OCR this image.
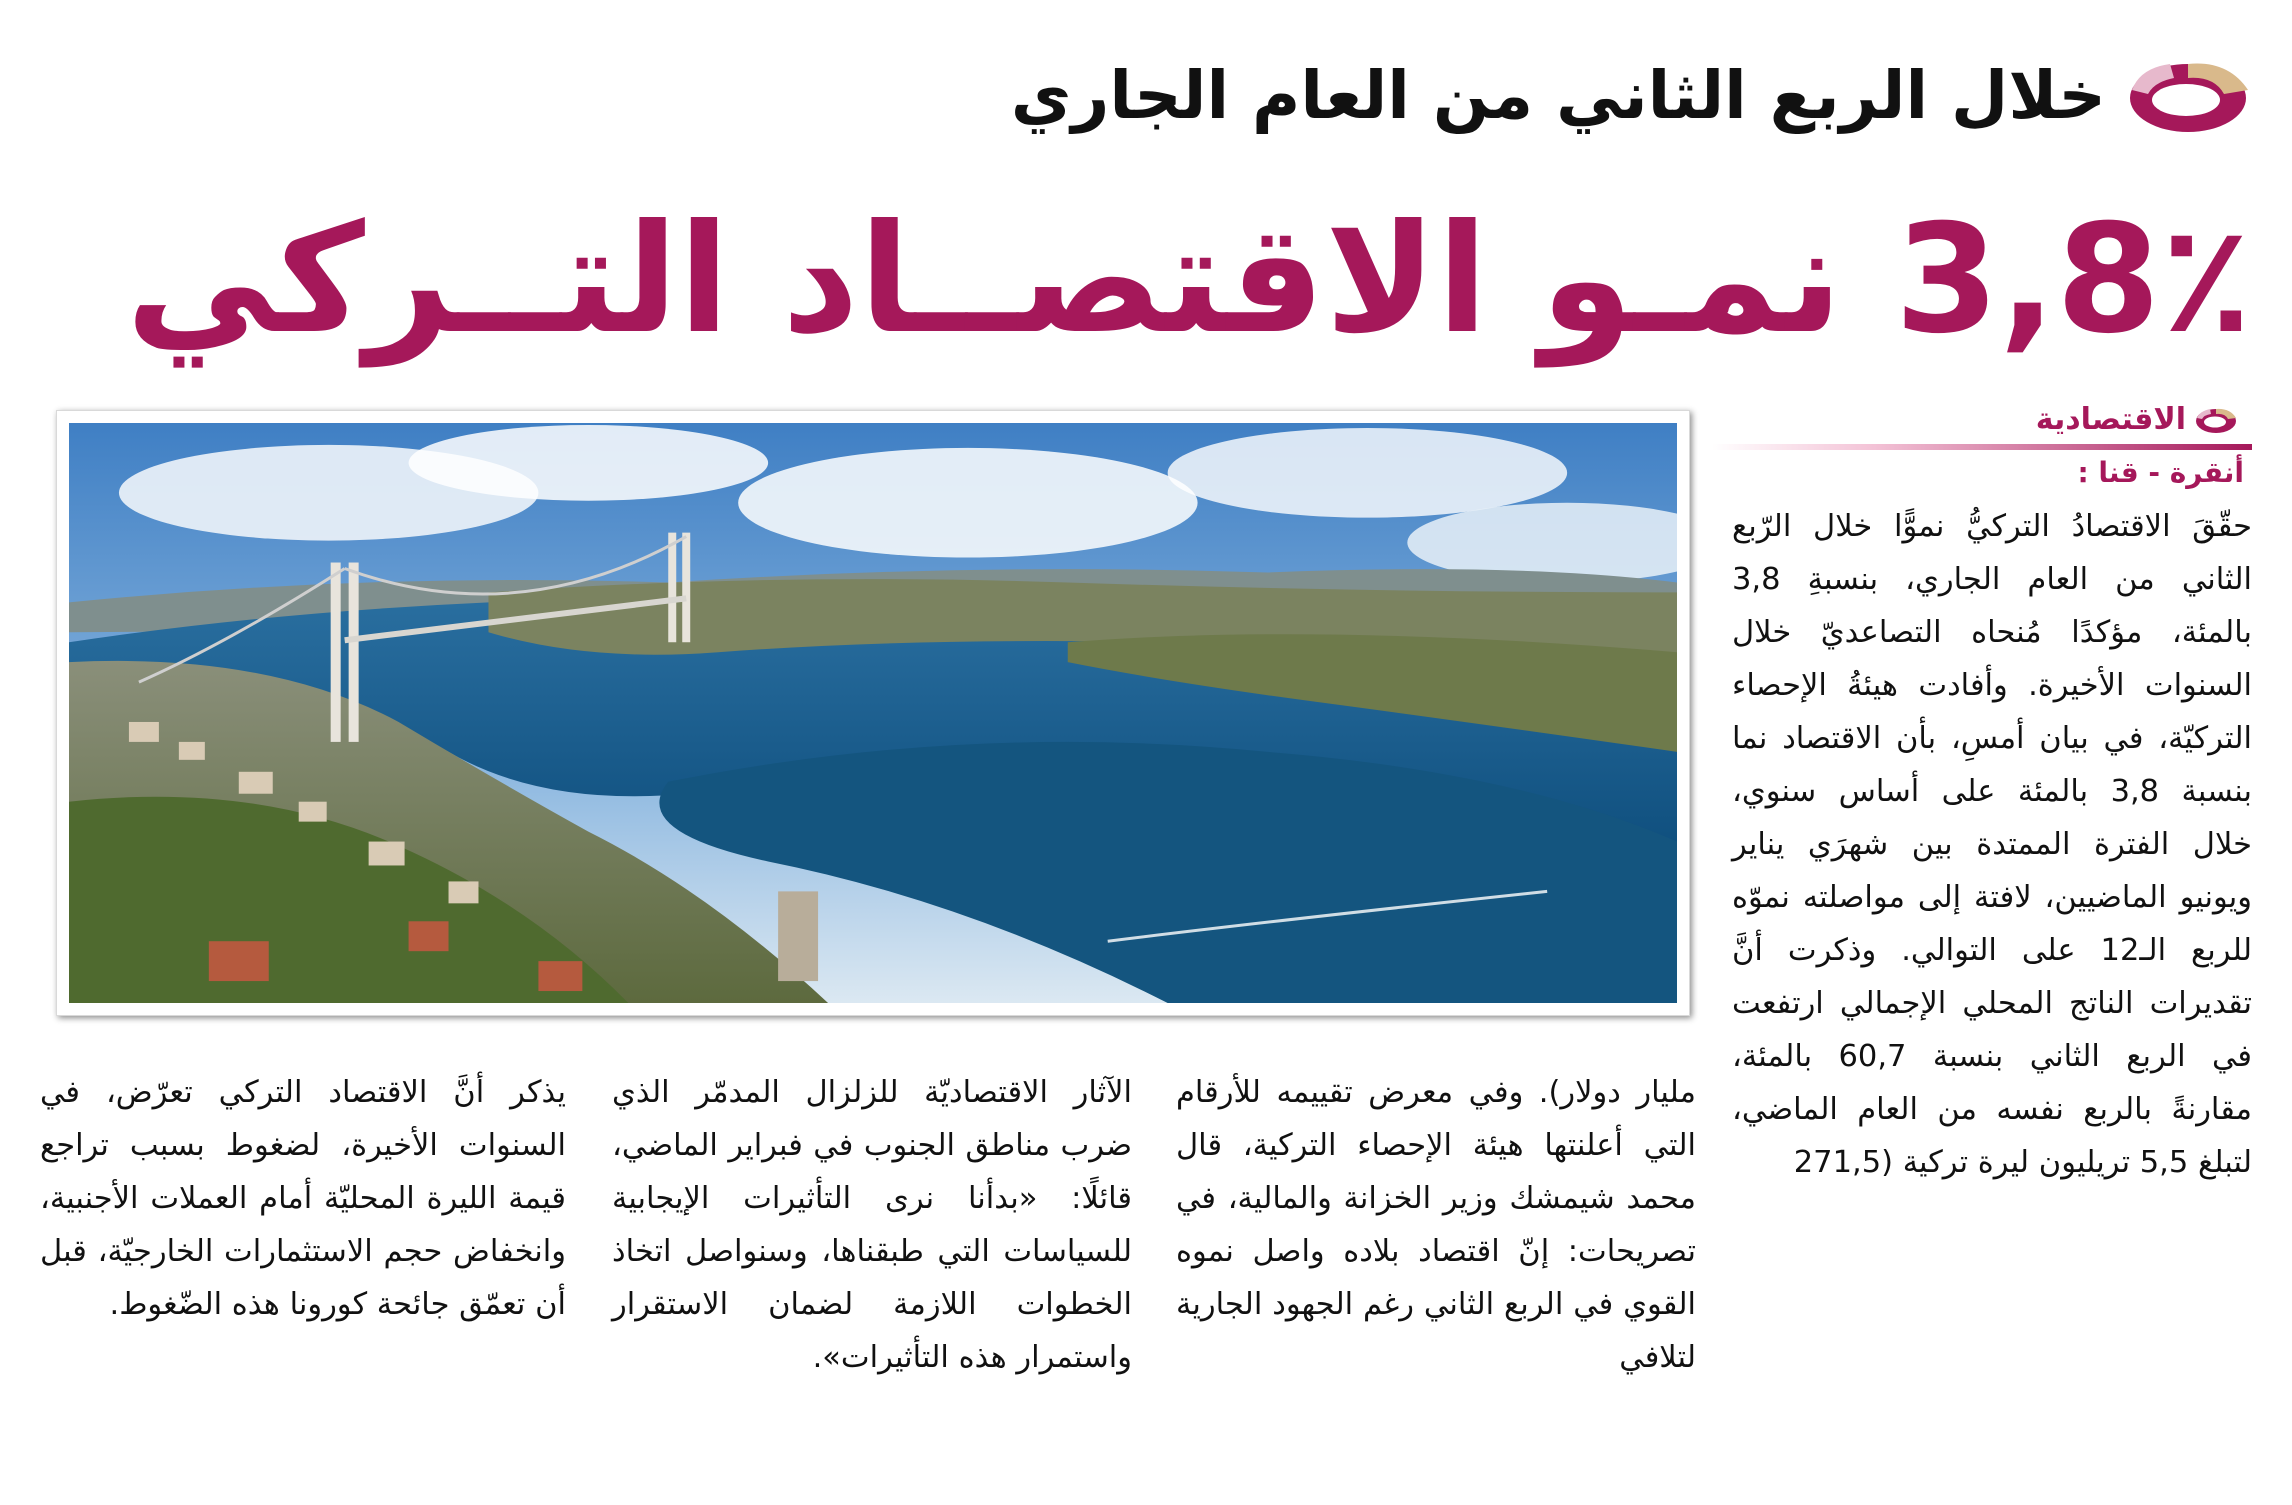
خلال الربع الثاني من العام الجاري
3,8٪ نمـو الاقتصــاد التــركي
الاقتصادية
أنقرة - قنا :

حقّقَ الاقتصادُ التركيُّ نموًّا خلال الرّبع الثاني من العام الجاري، بنسبةِ 3,8 بالمئة، مؤكدًا مُنحاه التصاعديّ خلال السنوات الأخيرة. وأفادت هيئةُ الإحصاء التركيّة، في بيان أمسِ، بأن الاقتصاد نما بنسبة 3,8 بالمئة على أساس سنوي، خلال الفترة الممتدة بين شهرَي يناير ويونيو الماضيين، لافتة إلى مواصلته نموّه للربع الـ12 على التوالي. وذكرت أنَّ تقديرات الناتج المحلي الإجمالي ارتفعت في الربع الثاني بنسبة 60,7 بالمئة، مقارنةً بالربع نفسه من العام الماضي، لتبلغ 5,5 تريليون ليرة تركية (271,5

مليار دولار). وفي معرض تقييمه للأرقام التي أعلنتها هيئة الإحصاء التركية، قال محمد شيمشك وزير الخزانة والمالية، في تصريحات: إنّ اقتصاد بلاده واصل نموه القوي في الربع الثاني رغم الجهود الجارية لتلافي

الآثار الاقتصاديّة للزلزال المدمّر الذي ضرب مناطق الجنوب في فبراير الماضي، قائلًا: «بدأنا نرى التأثيرات الإيجابية للسياسات التي طبقناها، وسنواصل اتخاذ الخطوات اللازمة لضمان الاستقرار واستمرار هذه التأثيرات».

يذكر أنَّ الاقتصاد التركي تعرّض، في السنوات الأخيرة، لضغوط بسبب تراجع قيمة الليرة المحليّة أمام العملات الأجنبية، وانخفاض حجم الاستثمارات الخارجيّة، قبل أن تعمّق جائحة كورونا هذه الضّغوط.
